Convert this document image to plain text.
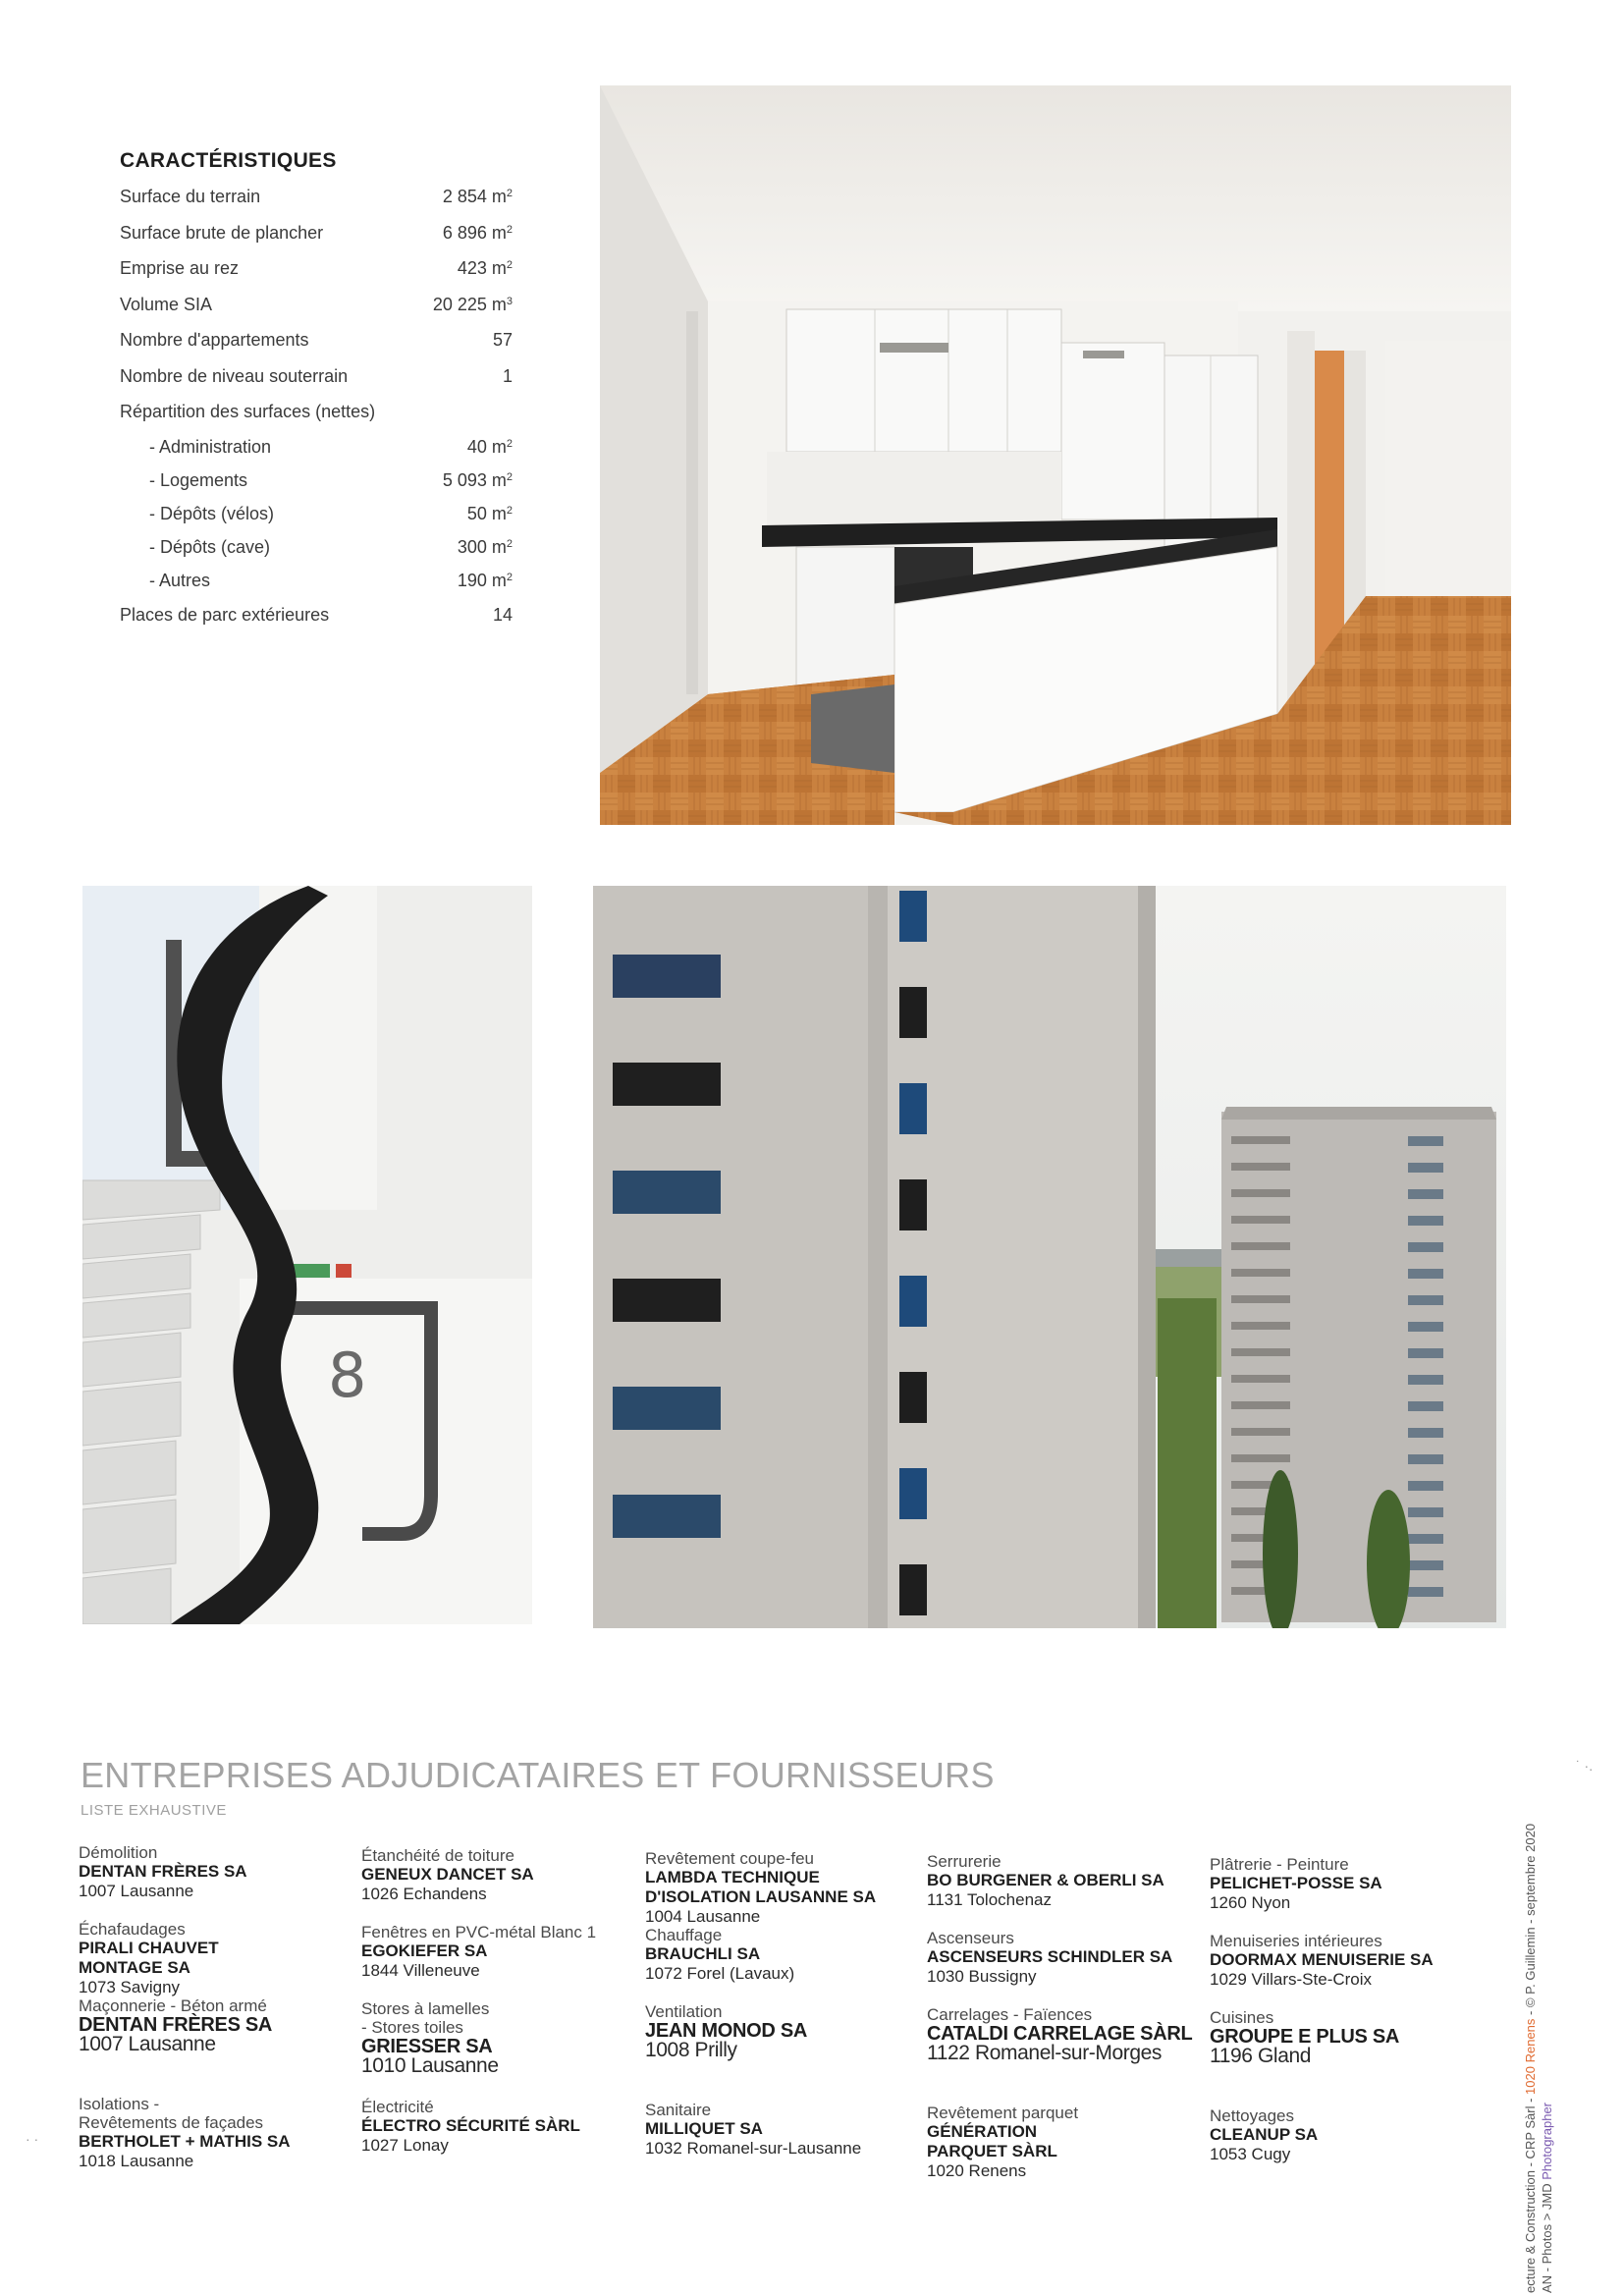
CARACTÉRISTIQUES
Surface du terrain	2 854 $m^2$
Surface brute de plancher	6 896 $m^2$
Emprise au rez	423 $m^2$
Volume SIA	20 225 $m^3$
Nombre d'appartements	57
Nombre de niveau souterrain	1
Répartition des surfaces (nettes)
- Administration	40 $m^2$
- Logements	5 093 $m^2$
- Dépôts (vélos)	50 $m^2$
- Dépôts (cave)	300 $m^2$
- Autres	190 $m^2$
Places de parc extérieures	14
8
ENTREPRISES ADJUDICATAIRES ET FOURNISSEURS
LISTE EXHAUSTIVE
Démolition
DENTAN FRÈRES SA
1007 Lausanne
Échafaudages
PIRALI CHAUVET
MONTAGE SA
1073 Savigny
Maçonnerie - Béton armé
DENTAN FRÈRES SA
1007 Lausanne
Isolations -
Revêtements de façades
BERTHOLET + MATHIS SA
1018 Lausanne
Étanchéité de toiture
GENEUX DANCET SA
1026 Echandens
Fenêtres en PVC-métal Blanc 1
EGOKIEFER SA
1844 Villeneuve
Stores à lamelles
- Stores toiles
GRIESSER SA
1010 Lausanne
Électricité
ÉLECTRO SÉCURITÉ SÀRL
1027 Lonay
Revêtement coupe-feu
LAMBDA TECHNIQUE
D'ISOLATION LAUSANNE SA
1004 Lausanne
Chauffage
BRAUCHLI SA
1072 Forel (Lavaux)
Ventilation
JEAN MONOD SA
1008 Prilly
Sanitaire
MILLIQUET SA
1032 Romanel-sur-Lausanne
Serrurerie
BO BURGENER & OBERLI SA
1131 Tolochenaz
Ascenseurs
ASCENSEURS SCHINDLER SA
1030 Bussigny
Carrelages - Faïences
CATALDI CARRELAGE SÀRL
1122 Romanel-sur-Morges
Revêtement parquet
GÉNÉRATION
PARQUET SÀRL
1020 Renens
Plâtrerie - Peinture
PELICHET-POSSE SA
1260 Nyon
Menuiseries intérieures
DOORMAX MENUISERIE SA
1029 Villars-Ste-Croix
Cuisines
GROUPE E PLUS SA
1196 Gland
Nettoyages
CLEANUP SA
1053 Cugy	ecture & Construction - CRP Sàrl - 1020 Renens - © P. Guillemin - septembre 2020
AN - Photos > JMD Photographer
˙ ·.
· ·
